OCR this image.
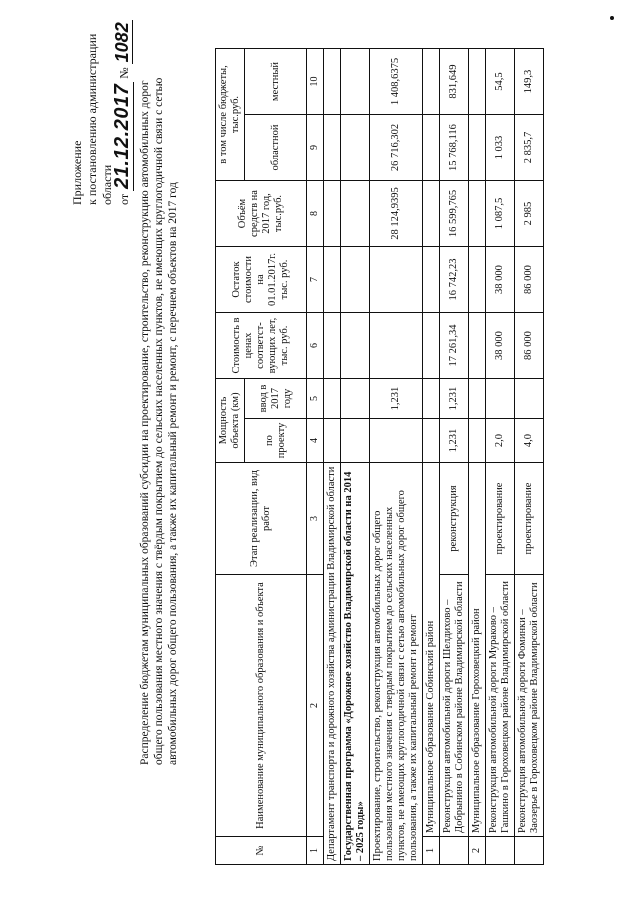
Приложение к постановлению администрации области от 21.12.2017 № 1082
Распределение бюджетам муниципальных образований субсидии на проектирование, строительство, реконструкцию автомобильных дорог общего пользования местного значения с твёрдым покрытием до сельских населенных пунктов, не имеющих круглогодичной связи с сетью автомобильных дорог общего пользования, а также их капитальный ремонт и ремонт, с перечнем объектов на 2017 год
№	Наименование муниципального образования и объекта	Этап реализации, вид работ	Мощность объекта (км)		Стоимость в ценах соответст-вующих лет, тыс. руб.	Остаток стоимости на 01.01.2017г. тыс. руб.	Объём средств на 2017 год, тыс.руб.	в том числе бюджеты, тыс.руб.	
			по проекту	ввод в 2017 году				областной	местный
1	2	3	4	5	6	7	8	9	10
Департамент транспорта и дорожного хозяйства администрации Владимирской области									
Государственная программа «Дорожное хозяйство Владимирской области на 2014 – 2025 годы»									
Проектирование, строительство, реконструкция автомобильных дорог общего пользования местного значения с твердым покрытием до сельских населенных пунктов, не имеющих круглогодичной связи с сетью автомобильных дорог общего пользования, а также их капитальный ремонт и ремонт				1,231			28 124,9395	26 716,302	1 408,6375
1	Муниципальное образование Собинский район								
	Реконструкция автомобильной дороги Шелдихово – Добрынино в Собинском районе Владимирской области	реконструкция	1,231	1,231	17 261,34	16 742,23	16 599,765	15 768,116	831,649
2	Муниципальное образование Гороховецкий район								
	Реконструкция автомобильной дороги Мураково – Гашкино в Гороховецком районе Владимирской области	проектирование	2,0		38 000	38 000	1 087,5	1 033	54,5
	Реконструкция автомобильной дороги Фоминки – Заозерье в Гороховецком районе Владимирской области	проектирование	4,0		86 000	86 000	2 985	2 835,7	149,3
